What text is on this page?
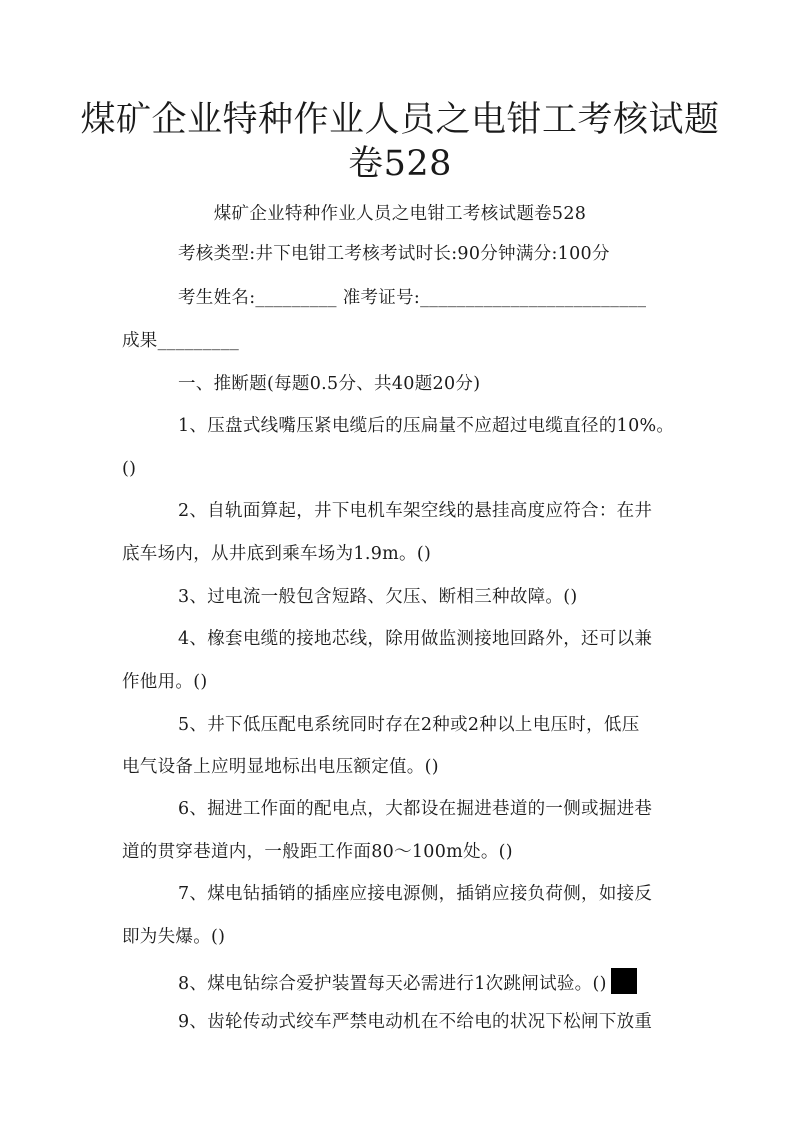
煤矿企业特种作业人员之电钳工考核试题
卷528
煤矿企业特种作业人员之电钳工考核试题卷528
考核类型:井下电钳工考核考试时长:90分钟满分:100分
考生姓名:_________ 准考证号:_________________________
成果_________
一、推断题(每题0.5分、共40题20分)
1、压盘式线嘴压紧电缆后的压扁量不应超过电缆直径的10%。
()
2、自轨面算起，井下电机车架空线的悬挂高度应符合：在井
底车场内，从井底到乘车场为1.9m。()
3、过电流一般包含短路、欠压、断相三种故障。()
4、橡套电缆的接地芯线，除用做监测接地回路外，还可以兼
作他用。()
5、井下低压配电系统同时存在2种或2种以上电压时，低压
电气设备上应明显地标出电压额定值。()
6、掘进工作面的配电点，大都设在掘进巷道的一侧或掘进巷
道的贯穿巷道内，一般距工作面80～100m处。()
7、煤电钻插销的插座应接电源侧，插销应接负荷侧，如接反
即为失爆。()
8、煤电钻综合爱护装置每天必需进行1次跳闸试验。()
9、齿轮传动式绞车严禁电动机在不给电的状况下松闸下放重
